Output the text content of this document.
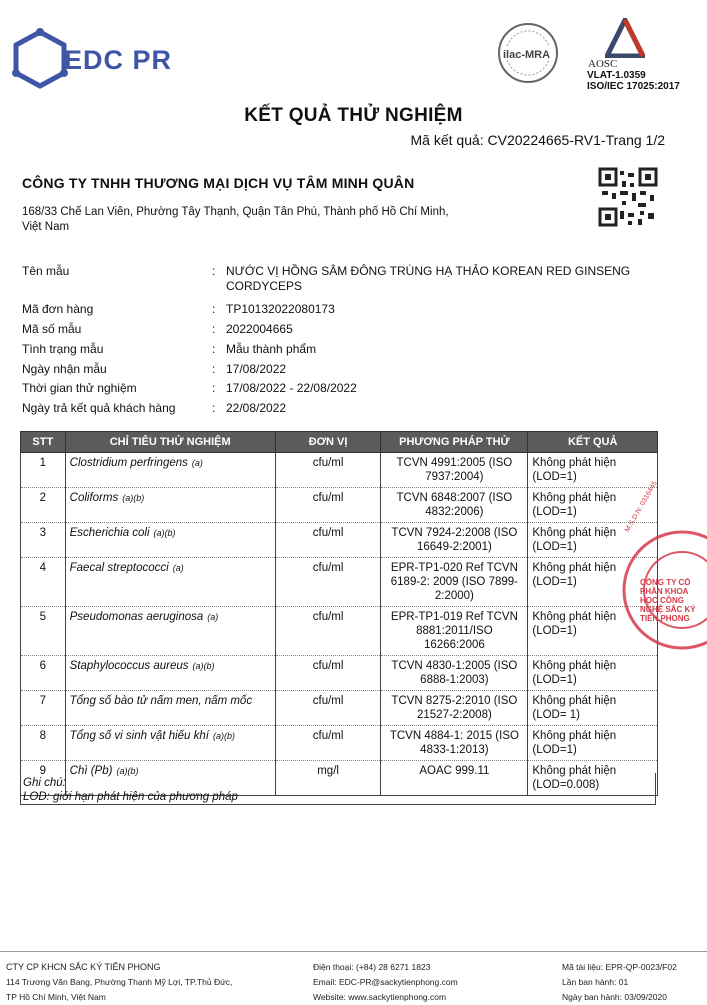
EDC PR	ilac-MRA
AOSC
VLAT-1.0359
ISO/IEC 17025:2017
KẾT QUẢ THỬ NGHIỆM
Mã kết quả: CV20224665-RV1-Trang 1/2
CÔNG TY TNHH THƯƠNG MẠI DỊCH VỤ TÂM MINH QUÂN
168/33 Chế Lan Viên, Phường Tây Thạnh, Quận Tân Phú, Thành phố Hồ Chí Minh,
Việt Nam
Tên mẫu	: NƯỚC VỊ HỒNG SÂM ĐÔNG TRÙNG HẠ THẢO KOREAN RED GINSENG CORDYCEPS
Mã đơn hàng	: TP10132022080173
Mã số mẫu	: 2022004665
Tình trạng mẫu	: Mẫu thành phẩm
Ngày nhận mẫu	: 17/08/2022
Thời gian thử nghiệm	: 17/08/2022 - 22/08/2022
Ngày trả kết quả khách hàng	: 22/08/2022
STT	CHỈ TIÊU THỬ NGHIỆM	ĐƠN VỊ	PHƯƠNG PHÁP THỬ	KẾT QUẢ
1	Clostridium perfringens (a)	cfu/ml	TCVN 4991:2005 (ISO 7937:2004)	Không phát hiện (LOD=1)
2	Coliforms (a)(b)	cfu/ml	TCVN 6848:2007 (ISO 4832:2006)	Không phát hiện (LOD=1)
3	Escherichia coli (a)(b)	cfu/ml	TCVN 7924-2:2008 (ISO 16649-2:2001)	Không phát hiện (LOD=1)
4	Faecal streptococci (a)	cfu/ml	EPR-TP1-020 Ref TCVN 6189-2: 2009 (ISO 7899-2:2000)	Không phát hiện (LOD=1)
5	Pseudomonas aeruginosa (a)	cfu/ml	EPR-TP1-019 Ref TCVN 8881:2011/ISO 16266:2006	Không phát hiện (LOD=1)
6	Staphylococcus aureus (a)(b)	cfu/ml	TCVN 4830-1:2005 (ISO 6888-1:2003)	Không phát hiện (LOD=1)
7	Tổng số bào tử nấm men, nấm mốc	cfu/ml	TCVN 8275-2:2010 (ISO 21527-2:2008)	Không phát hiện (LOD= 1)
8	Tổng số vi sinh vật hiếu khí (a)(b)	cfu/ml	TCVN 4884-1: 2015 (ISO 4833-1:2013)	Không phát hiện (LOD=1)
9	Chì (Pb) (a)(b)	mg/l	AOAC 999.11	Không phát hiện (LOD=0.008)
Ghi chú:
LOD: giới hạn phát hiện của phương pháp
CÔNG TY CỔ PHẦN KHOA HỌC CÔNG NGHỆ SẮC KÝ TIÊN PHONG
M.S.D.N: 0316445
CTY CP KHCN SẮC KÝ TIÊN PHONG
114 Trương Văn Bang, Phường Thạnh Mỹ Lợi, TP.Thủ Đức,
TP Hồ Chí Minh, Việt Nam
Điện thoại: (+84) 28 6271 1823
Email: EDC-PR@sackytienphong.com
Website: www.sackytienphong.com
Mã tài liệu: EPR-QP-0023/F02
Lần ban hành: 01
Ngày ban hành: 03/09/2020
